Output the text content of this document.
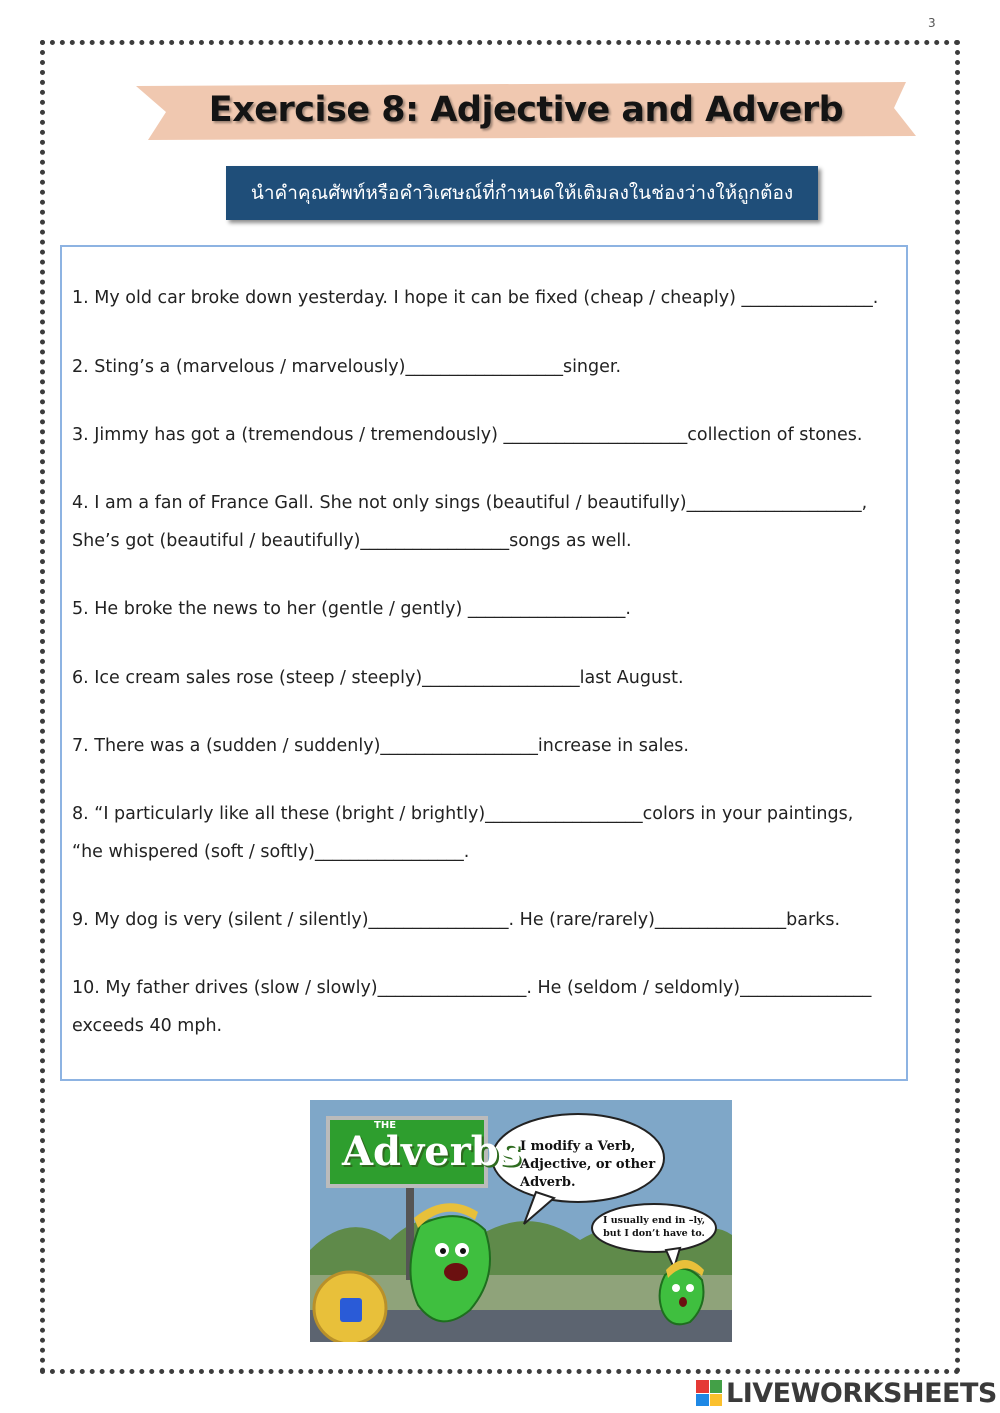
3
Exercise 8: Adjective and Adverb
นำคำคุณศัพท์หรือคำวิเศษณ์ที่กำหนดให้เติมลงในช่องว่างให้ถูกต้อง
1. My old car broke down yesterday. I hope it can be fixed (cheap / cheaply) _______________.
2. Sting’s a (marvelous / marvelously)__________________singer.
3. Jimmy has got a (tremendous / tremendously) _____________________collection of stones.
4. I am a fan of France Gall. She not only sings (beautiful / beautifully)____________________,
She’s got (beautiful / beautifully)_________________songs as well.
5. He broke the news to her (gentle / gently) __________________.
6. Ice cream sales rose (steep / steeply)__________________last August.
7. There was a (sudden / suddenly)__________________increase in sales.
8. “I particularly like all these (bright / brightly)__________________colors in your paintings,
“he whispered (soft / softly)_________________.
9. My dog is very (silent / silently)________________. He (rare/rarely)_______________barks.
10. My father drives (slow / slowly)_________________. He (seldom / seldomly)_______________
exceeds 40 mph.
THE
Adverbs
I modify a Verb, Adjective, or other Adverb.
I usually end in –ly, but I don’t have to.
LIVEWORKSHEETS
